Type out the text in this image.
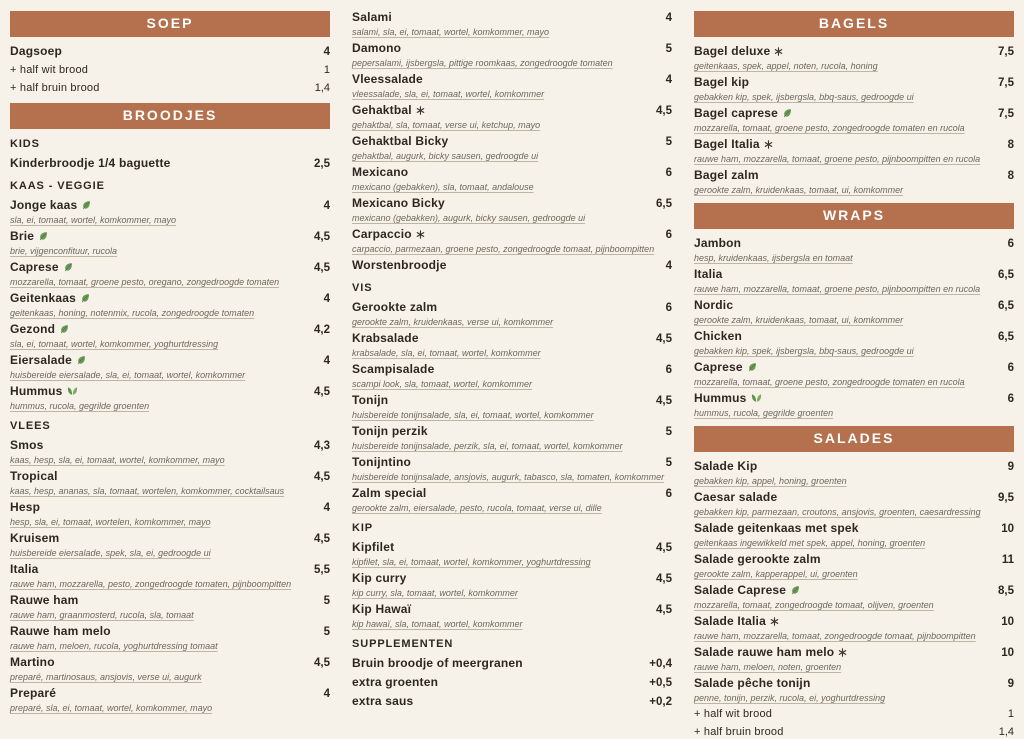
SOEP
Dagsoep	4
+ half wit brood	1
+ half bruin brood	1,4
BROODJES
KIDS
Kinderbroodje 1/4 baguette	2,5
KAAS - VEGGIE
Jonge kaas	4
sla, ei, tomaat, wortel, komkommer, mayo
Brie	4,5
brie, vijgenconfituur, rucola
Caprese	4,5
mozzarella, tomaat, groene pesto, oregano, zongedroogde tomaten
Geitenkaas	4
geitenkaas, honing, notenmix, rucola, zongedroogde tomaten
Gezond	4,2
sla, ei, tomaat, wortel, komkommer, yoghurtdressing
Eiersalade	4
huisbereide eiersalade, sla, ei, tomaat, wortel, komkommer
Hummus	4,5
hummus, rucola, gegrilde groenten
VLEES
Smos	4,3
kaas, hesp, sla, ei, tomaat, wortel, komkommer, mayo
Tropical	4,5
kaas, hesp, ananas, sla, tomaat, wortelen, komkommer, cocktailsaus
Hesp	4
hesp, sla, ei, tomaat, wortelen, komkommer, mayo
Kruisem	4,5
huisbereide eiersalade, spek, sla, ei, gedroogde ui
Italia	5,5
rauwe ham, mozzarella, pesto, zongedroogde tomaten, pijnboompitten
Rauwe ham	5
rauwe ham, graanmosterd, rucola, sla, tomaat
Rauwe ham melo	5
rauwe ham, meloen, rucola, yoghurtdressing tomaat
Martino	4,5
preparé, martinosaus, ansjovis, verse ui, augurk
Preparé	4
preparé, sla, ei, tomaat, wortel, komkommer, mayo
Salami	4
salami, sla, ei, tomaat, wortel, komkommer, mayo
Damono	5
pepersalami, ijsbergsla, pittige roomkaas, zongedroogde tomaten
Vleessalade	4
vleessalade, sla, ei, tomaat, wortel, komkommer
Gehaktbal	4,5
gehaktbal, sla, tomaat, verse ui, ketchup, mayo
Gehaktbal Bicky	5
gehaktbal, augurk, bicky sausen, gedroogde ui
Mexicano	6
mexicano (gebakken), sla, tomaat, andalouse
Mexicano Bicky	6,5
mexicano (gebakken), augurk, bicky sausen, gedroogde ui
Carpaccio	6
carpaccio, parmezaan, groene pesto, zongedroogde tomaat, pijnboompitten
Worstenbroodje	4
VIS
Gerookte zalm	6
gerookte zalm, kruidenkaas, verse ui, komkommer
Krabsalade	4,5
krabsalade, sla, ei, tomaat, wortel, komkommer
Scampisalade	6
scampi look, sla, tomaat, wortel, komkommer
Tonijn	4,5
huisbereide tonijnsalade, sla, ei, tomaat, wortel, komkommer
Tonijn perzik	5
huisbereide tonijnsalade, perzik, sla, ei, tomaat, wortel, komkommer
Tonijntino	5
huisbereide tonijnsalade, ansjovis, augurk, tabasco, sla, tomaten, komkommer
Zalm special	6
gerookte zalm, eiersalade, pesto, rucola, tomaat, verse ui, dille
KIP
Kipfilet	4,5
kipfilet, sla, ei, tomaat, wortel, komkommer, yoghurtdressing
Kip curry	4,5
kip curry, sla, tomaat, wortel, komkommer
Kip Hawaï	4,5
kip hawaï, sla, tomaat, wortel, komkommer
SUPPLEMENTEN
Bruin broodje of meergranen	+0,4
extra groenten	+0,5
extra saus	+0,2
BAGELS
Bagel deluxe	7,5
geitenkaas, spek, appel, noten, rucola, honing
Bagel kip	7,5
gebakken kip, spek, ijsbergsla, bbq-saus, gedroogde ui
Bagel caprese	7,5
mozzarella, tomaat, groene pesto, zongedroogde tomaten en rucola
Bagel Italia	8
rauwe ham, mozzarella, tomaat, groene pesto, pijnboompitten en rucola
Bagel zalm	8
gerookte zalm, kruidenkaas, tomaat, ui, komkommer
WRAPS
Jambon	6
hesp, kruidenkaas, ijsbergsla en tomaat
Italia	6,5
rauwe ham, mozzarella, tomaat, groene pesto, pijnboompitten en rucola
Nordic	6,5
gerookte zalm, kruidenkaas, tomaat, ui, komkommer
Chicken	6,5
gebakken kip, spek, ijsbergsla, bbq-saus, gedroogde ui
Caprese	6
mozzarella, tomaat, groene pesto, zongedroogde tomaten en rucola
Hummus	6
hummus, rucola, gegrilde groenten
SALADES
Salade Kip	9
gebakken kip, appel, honing, groenten
Caesar salade	9,5
gebakken kip, parmezaan, croutons, ansjovis, groenten, caesardressing
Salade geitenkaas met spek	10
geitenkaas ingewikkeld met spek, appel, honing, groenten
Salade gerookte zalm	11
gerookte zalm, kapperappel, ui, groenten
Salade Caprese	8,5
mozzarella, tomaat, zongedroogde tomaat, olijven, groenten
Salade Italia	10
rauwe ham, mozzarella, tomaat, zongedroogde tomaat, pijnboompitten
Salade rauwe ham melo	10
rauwe ham, meloen, noten, groenten
Salade pêche tonijn	9
penne, tonijn, perzik, rucola, ei, yoghurtdressing
+ half wit brood	1
+ half bruin brood	1,4
